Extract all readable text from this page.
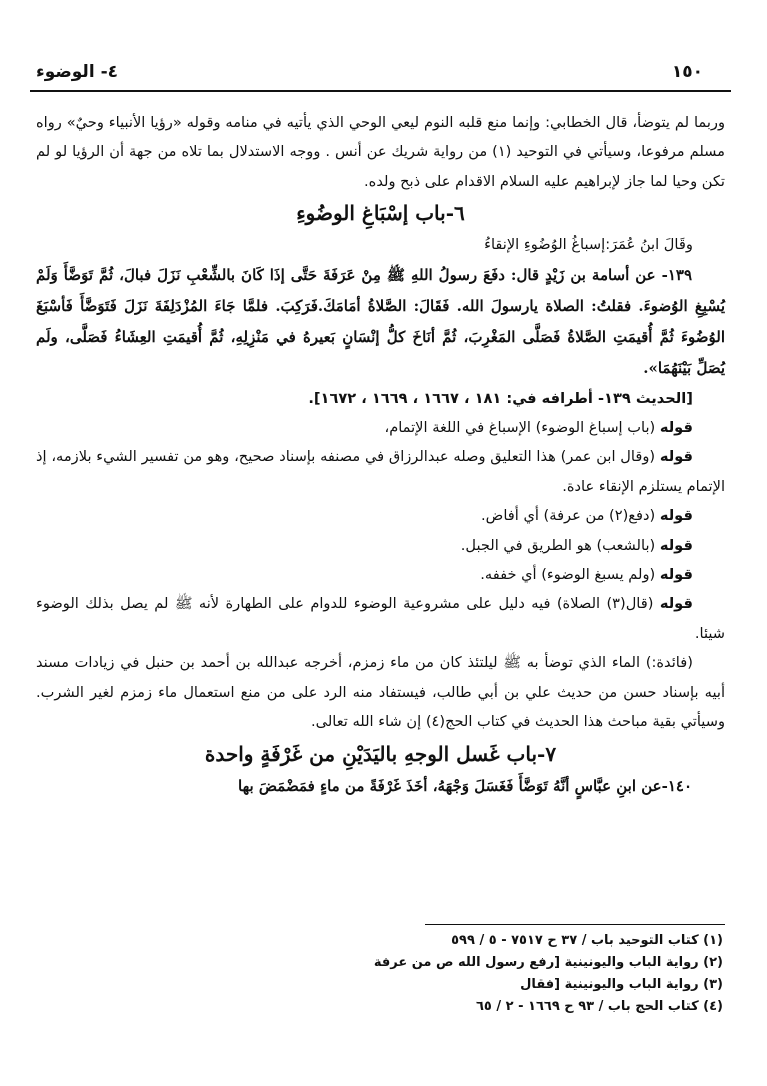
١٥٠
٤- الوضوء

وربما لم يتوضأ، قال الخطابي: وإنما منع قلبه النوم ليعي الوحي الذي يأتيه في منامه وقوله «رؤيا الأنبياء وحيٌ» رواه مسلم مرفوعا، وسيأتي في التوحيد (١) من رواية شريك عن أنس . ووجه الاستدلال بما تلاه من جهة أن الرؤيا لو لم تكن وحيا لما جاز لإبراهيم عليه السلام الاقدام على ذبح ولده.

٦-باب إسْبَاغِ الوضُوءِ

وقَالَ ابنُ عُمَرَ:إسباغُ الوُضُوءِ الإنقاءُ

١٣٩- عن أسامة بن زَيْدٍ قال: دفَعَ رسولُ اللهِ ﷺ مِنْ عَرَفَةَ حَتَّى إذَا كَانَ بالشِّعْبِ نَزَلَ فبالَ، ثُمَّ تَوَضَّأَ وَلَمْ يُسْبِغِ الوُضوءَ. فقلتُ: الصلاة يارسولَ الله. فَقَالَ: الصَّلاةُ أمَامَكَ.فَرَكِبَ. فلمَّا جَاءَ المُزْدَلِفَةَ نَزَلَ فَتَوَضَّأَ فَأسْبَغَ الوُضُوءَ ثُمَّ أُقيمَتِ الصَّلاةُ فَصَلَّى المَغْرِبَ، ثُمَّ أنَاخَ كلُّ إنْسَانٍ بَعيرهُ في مَنْزِلِهِ، ثُمَّ أُقيمَتِ العِشَاءُ فَصَلَّى، ولَم يُصَلِّ بَيْنَهُمَا».

[الحديث ١٣٩- أطرافه في: ١٨١ ، ١٦٦٧ ، ١٦٦٩ ، ١٦٧٢].

قوله (باب إسباغ الوضوء) الإسباغ في اللغة الإتمام،

قوله (وقال ابن عمر) هذا التعليق وصله عبدالرزاق في مصنفه بإسناد صحيح، وهو من تفسير الشيء بلازمه، إذ الإتمام يستلزم الإنقاء عادة.

قوله (دفع(٢) من عرفة) أي أفاض.

قوله (بالشعب) هو الطريق في الجبل.

قوله (ولم يسبغ الوضوء) أي خففه.

قوله (قال(٣) الصلاة) فيه دليل على مشروعية الوضوء للدوام على الطهارة لأنه ﷺ لم يصل بذلك الوضوء شيئا.

(فائدة:) الماء الذي توضأ به ﷺ ليلتئذ كان من ماء زمزم، أخرجه عبدالله بن أحمد بن حنبل في زيادات مسند أبيه بإسناد حسن من حديث علي بن أبي طالب، فيستفاد منه الرد على من منع استعمال ماء زمزم لغير الشرب. وسيأتي بقية مباحث هذا الحديث في كتاب الحج(٤) إن شاء الله تعالى.

٧-باب غَسل الوجهِ باليَدَيْنِ من غَرْفَةٍ واحدة

١٤٠-عن ابنِ عبَّاسٍ أنَّهُ تَوَضَّأَ فَغَسَلَ وَجْهَهُ، أخَذَ غَرْفَةً من ماءٍ فمَضْمَضَ بها

(١) كتاب التوحيد باب / ٣٧ ح ٧٥١٧ - ٥ / ٥٩٩
(٢) رواية الباب واليونينية [رفع رسول الله ص من عرفة
(٣) رواية الباب واليونينية [فقال
(٤) كتاب الحج باب / ٩٣ ح ١٦٦٩ - ٢ / ٦٥
